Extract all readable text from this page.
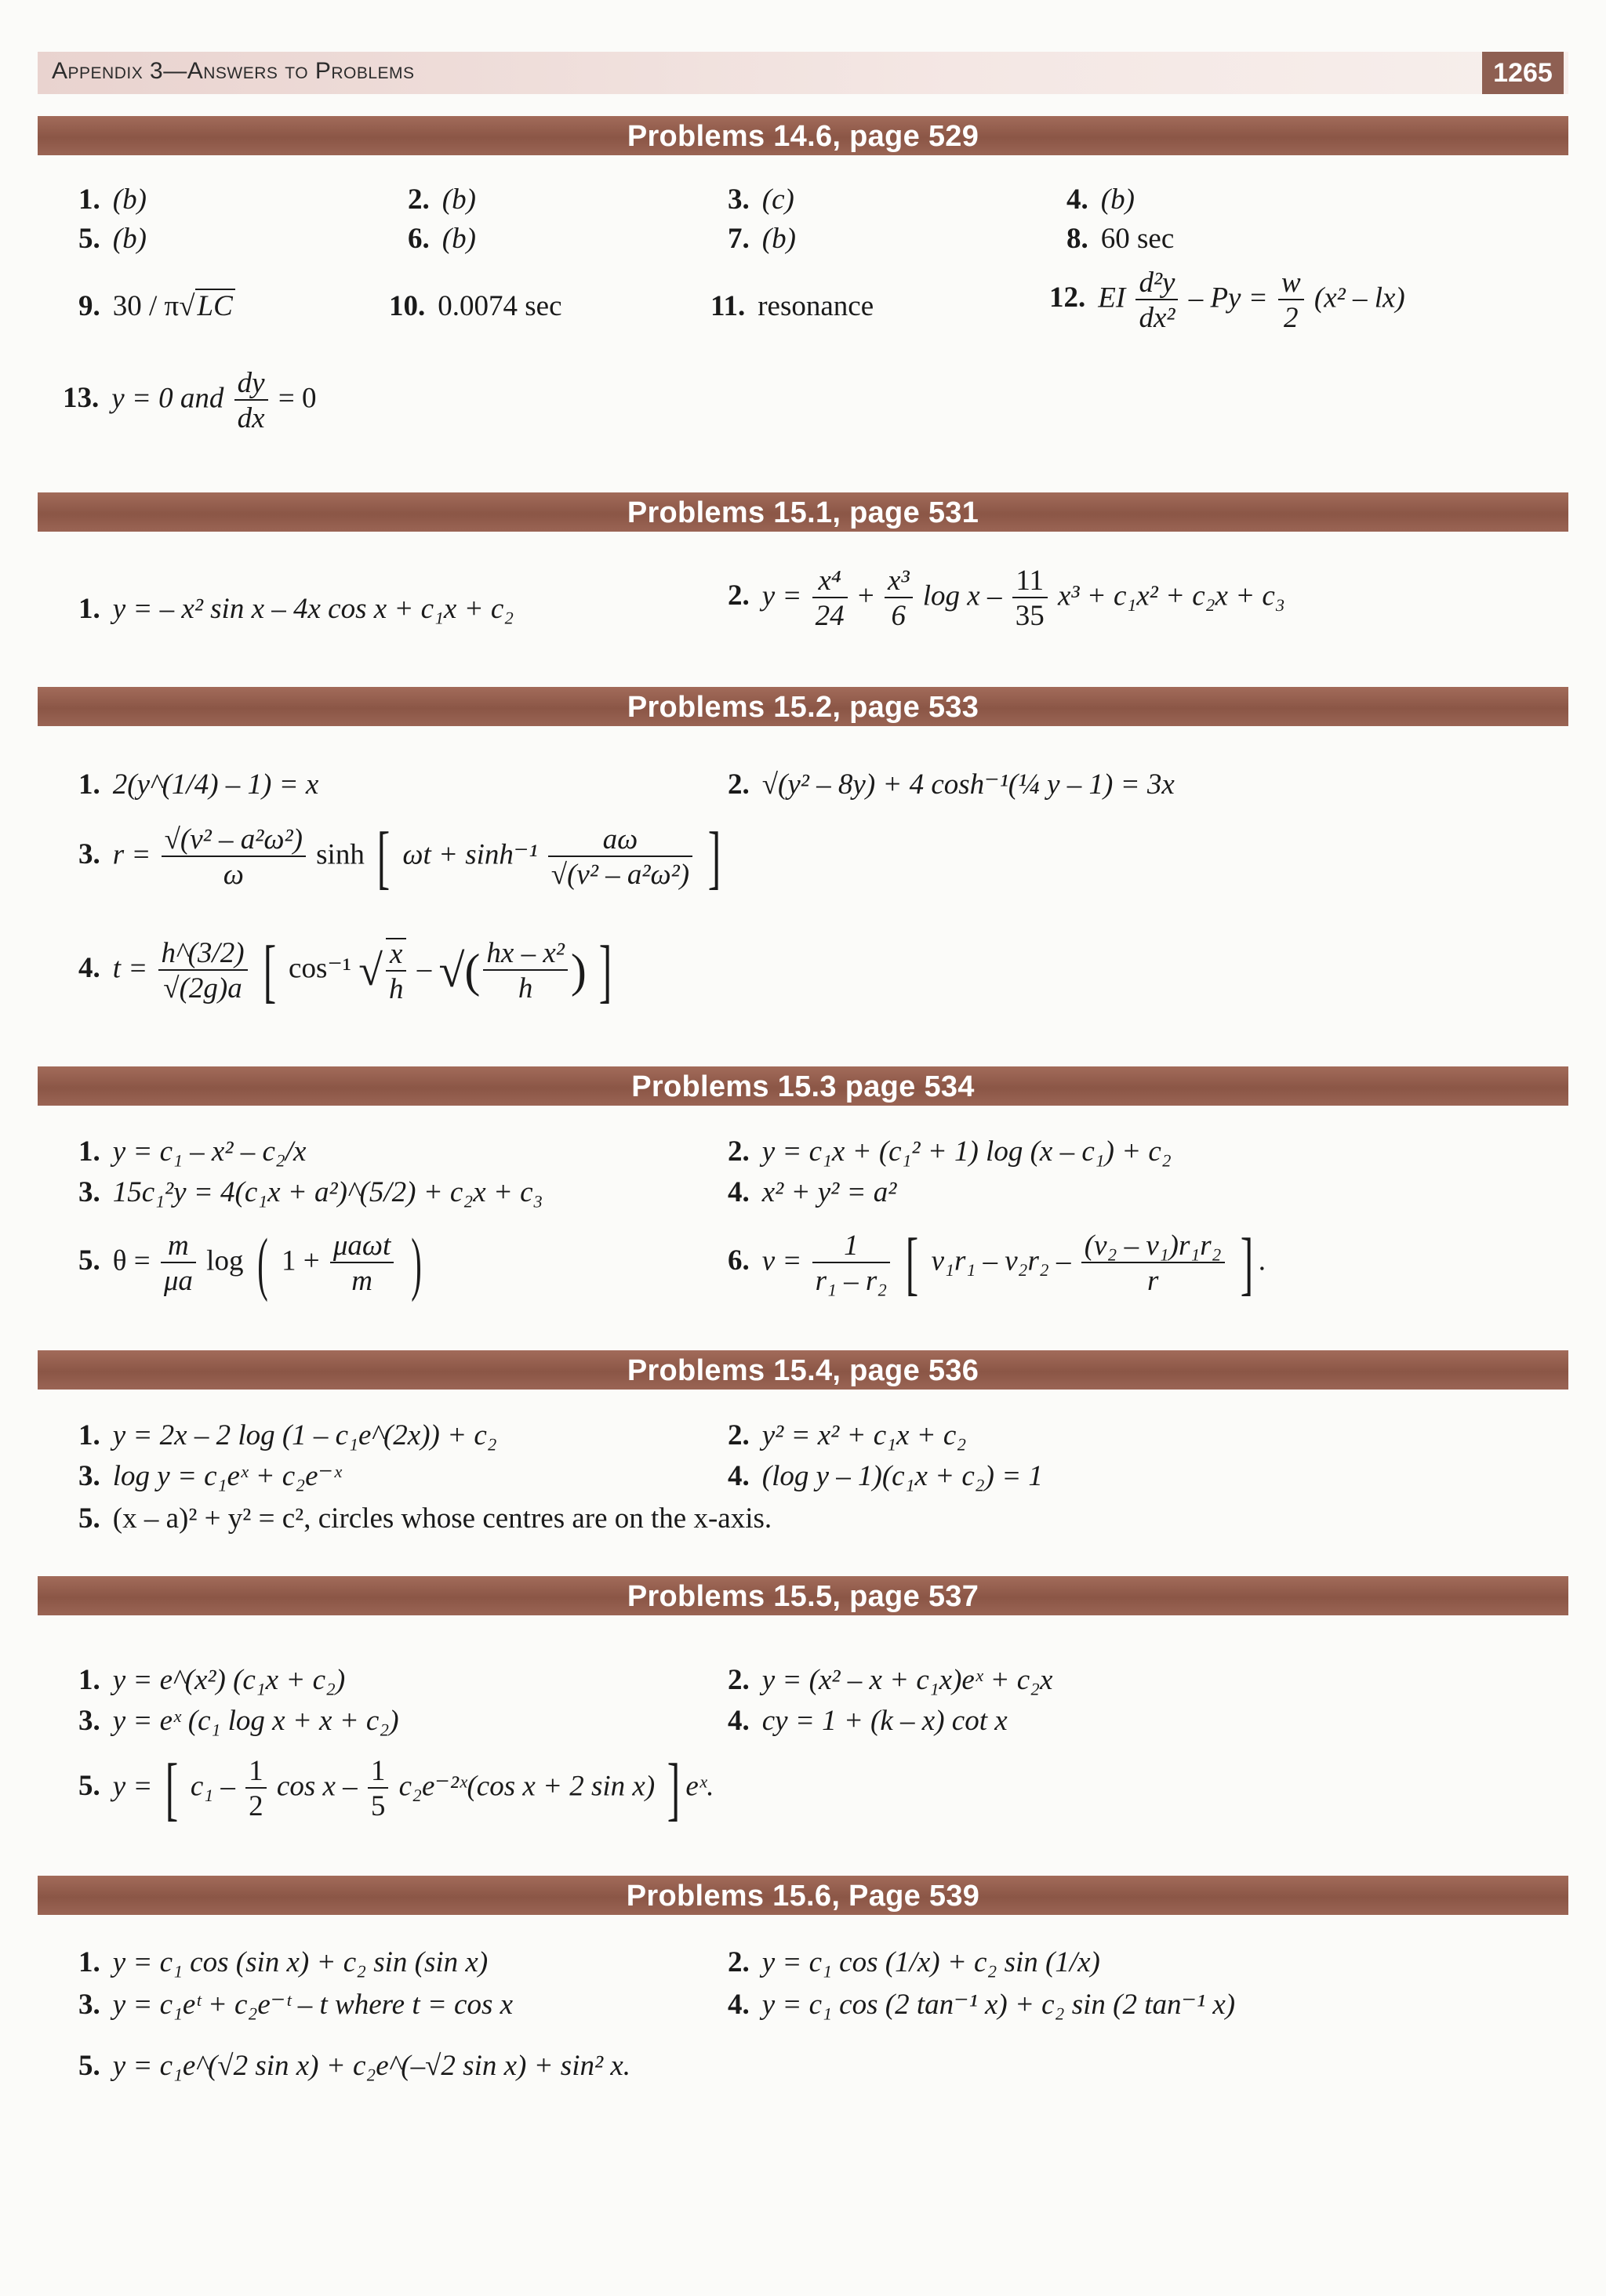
Appendix 3—Answers to Problems	1265
Problems 14.6, page 529
1. (b)	2. (b)	3. (c)	4. (b)
5. (b)	6. (b)	7. (b)	8. 60 sec
9. 30 / π√LC	10. 0.0074 sec	11. resonance	12. EI $\frac{\text{d²y}}{\text{dx²}} - Py = \frac{w}{2} (x^2 - lx)$
13. y = 0 and $\frac{dy}{dx} = 0$
Problems 15.1, page 531
1. y = – x² sin x – 4x cos x + c₁x + c₂	2. $y = \frac{\text{x⁴}}{24} + \frac{\text{x³}}{6}$ $\log x - \frac{11}{35} x^3 + c_1x^2 + c_2x + c_3$
Problems 15.2, page 533
1. 2(y^(1/4) – 1) = x	2. √(y² – 8y) + 4 cosh⁻¹(¼ y – 1) = 3x
3. $r = \frac{\text{√(v² – a²ω²)}}{\omega}$ sinh [ $\omega t + \sinh^{-1} \frac{a\omega}{\text{√(v² – a²ω²)}}$ ]
4. $t = \frac{h\^{}(3/2)}{√(2g)a}$ [ cos⁻¹ √ $\frac{x}{h}$ – √( $\frac{\text{hx – x²}}{h}$ ) ]
Problems 15.3 page 534
1. y = c₁ – x² – c₂/x	2. y = c₁x + (c₁² + 1) log (x – c₁) + c₂
3. 15c₁²y = 4(c₁x + a²)^(5/2) + c₂x + c₃	4. x² + y² = a²
5. $\theta = \frac{m}{\mu a}$ log ( $1 + \frac{\text{μaωt}}{m}$ )	6. $v = \frac{1}{\text{r₁ – r₂}}$ [ $v_1r_1 - v_2r_2 - \frac{\text{(v₂ – v₁)r₁r₂}}{r}$ ] .
Problems 15.4, page 536
1. y = 2x – 2 log (1 – c₁e^(2x)) + c₂	2. y² = x² + c₁x + c₂
3. log y = c₁eˣ + c₂e⁻ˣ	4. (log y – 1)(c₁x + c₂) = 1
5. (x – a)² + y² = c², circles whose centres are on the x-axis.
Problems 15.5, page 537
1. y = e^(x²) (c₁x + c₂)	2. y = (x² – x + c₁x)eˣ + c₂x
3. y = eˣ (c₁ log x + x + c₂)	4. cy = 1 + (k – x) cot x
5. y = [ $c_1 - \frac{1}{2}$ cos x – $\frac{1}{5}$ c₂e⁻²ˣ(cos x + 2 sin x) ] eˣ.
Problems 15.6, Page 539
1. y = c₁ cos (sin x) + c₂ sin (sin x)	2. y = c₁ cos (1/x) + c₂ sin (1/x)
3. y = c₁eᵗ + c₂e⁻ᵗ – t where t = cos x	4. y = c₁ cos (2 tan⁻¹ x) + c₂ sin (2 tan⁻¹ x)
5. y = c₁e^(√2 sin x) + c₂e^(–√2 sin x) + sin² x.
